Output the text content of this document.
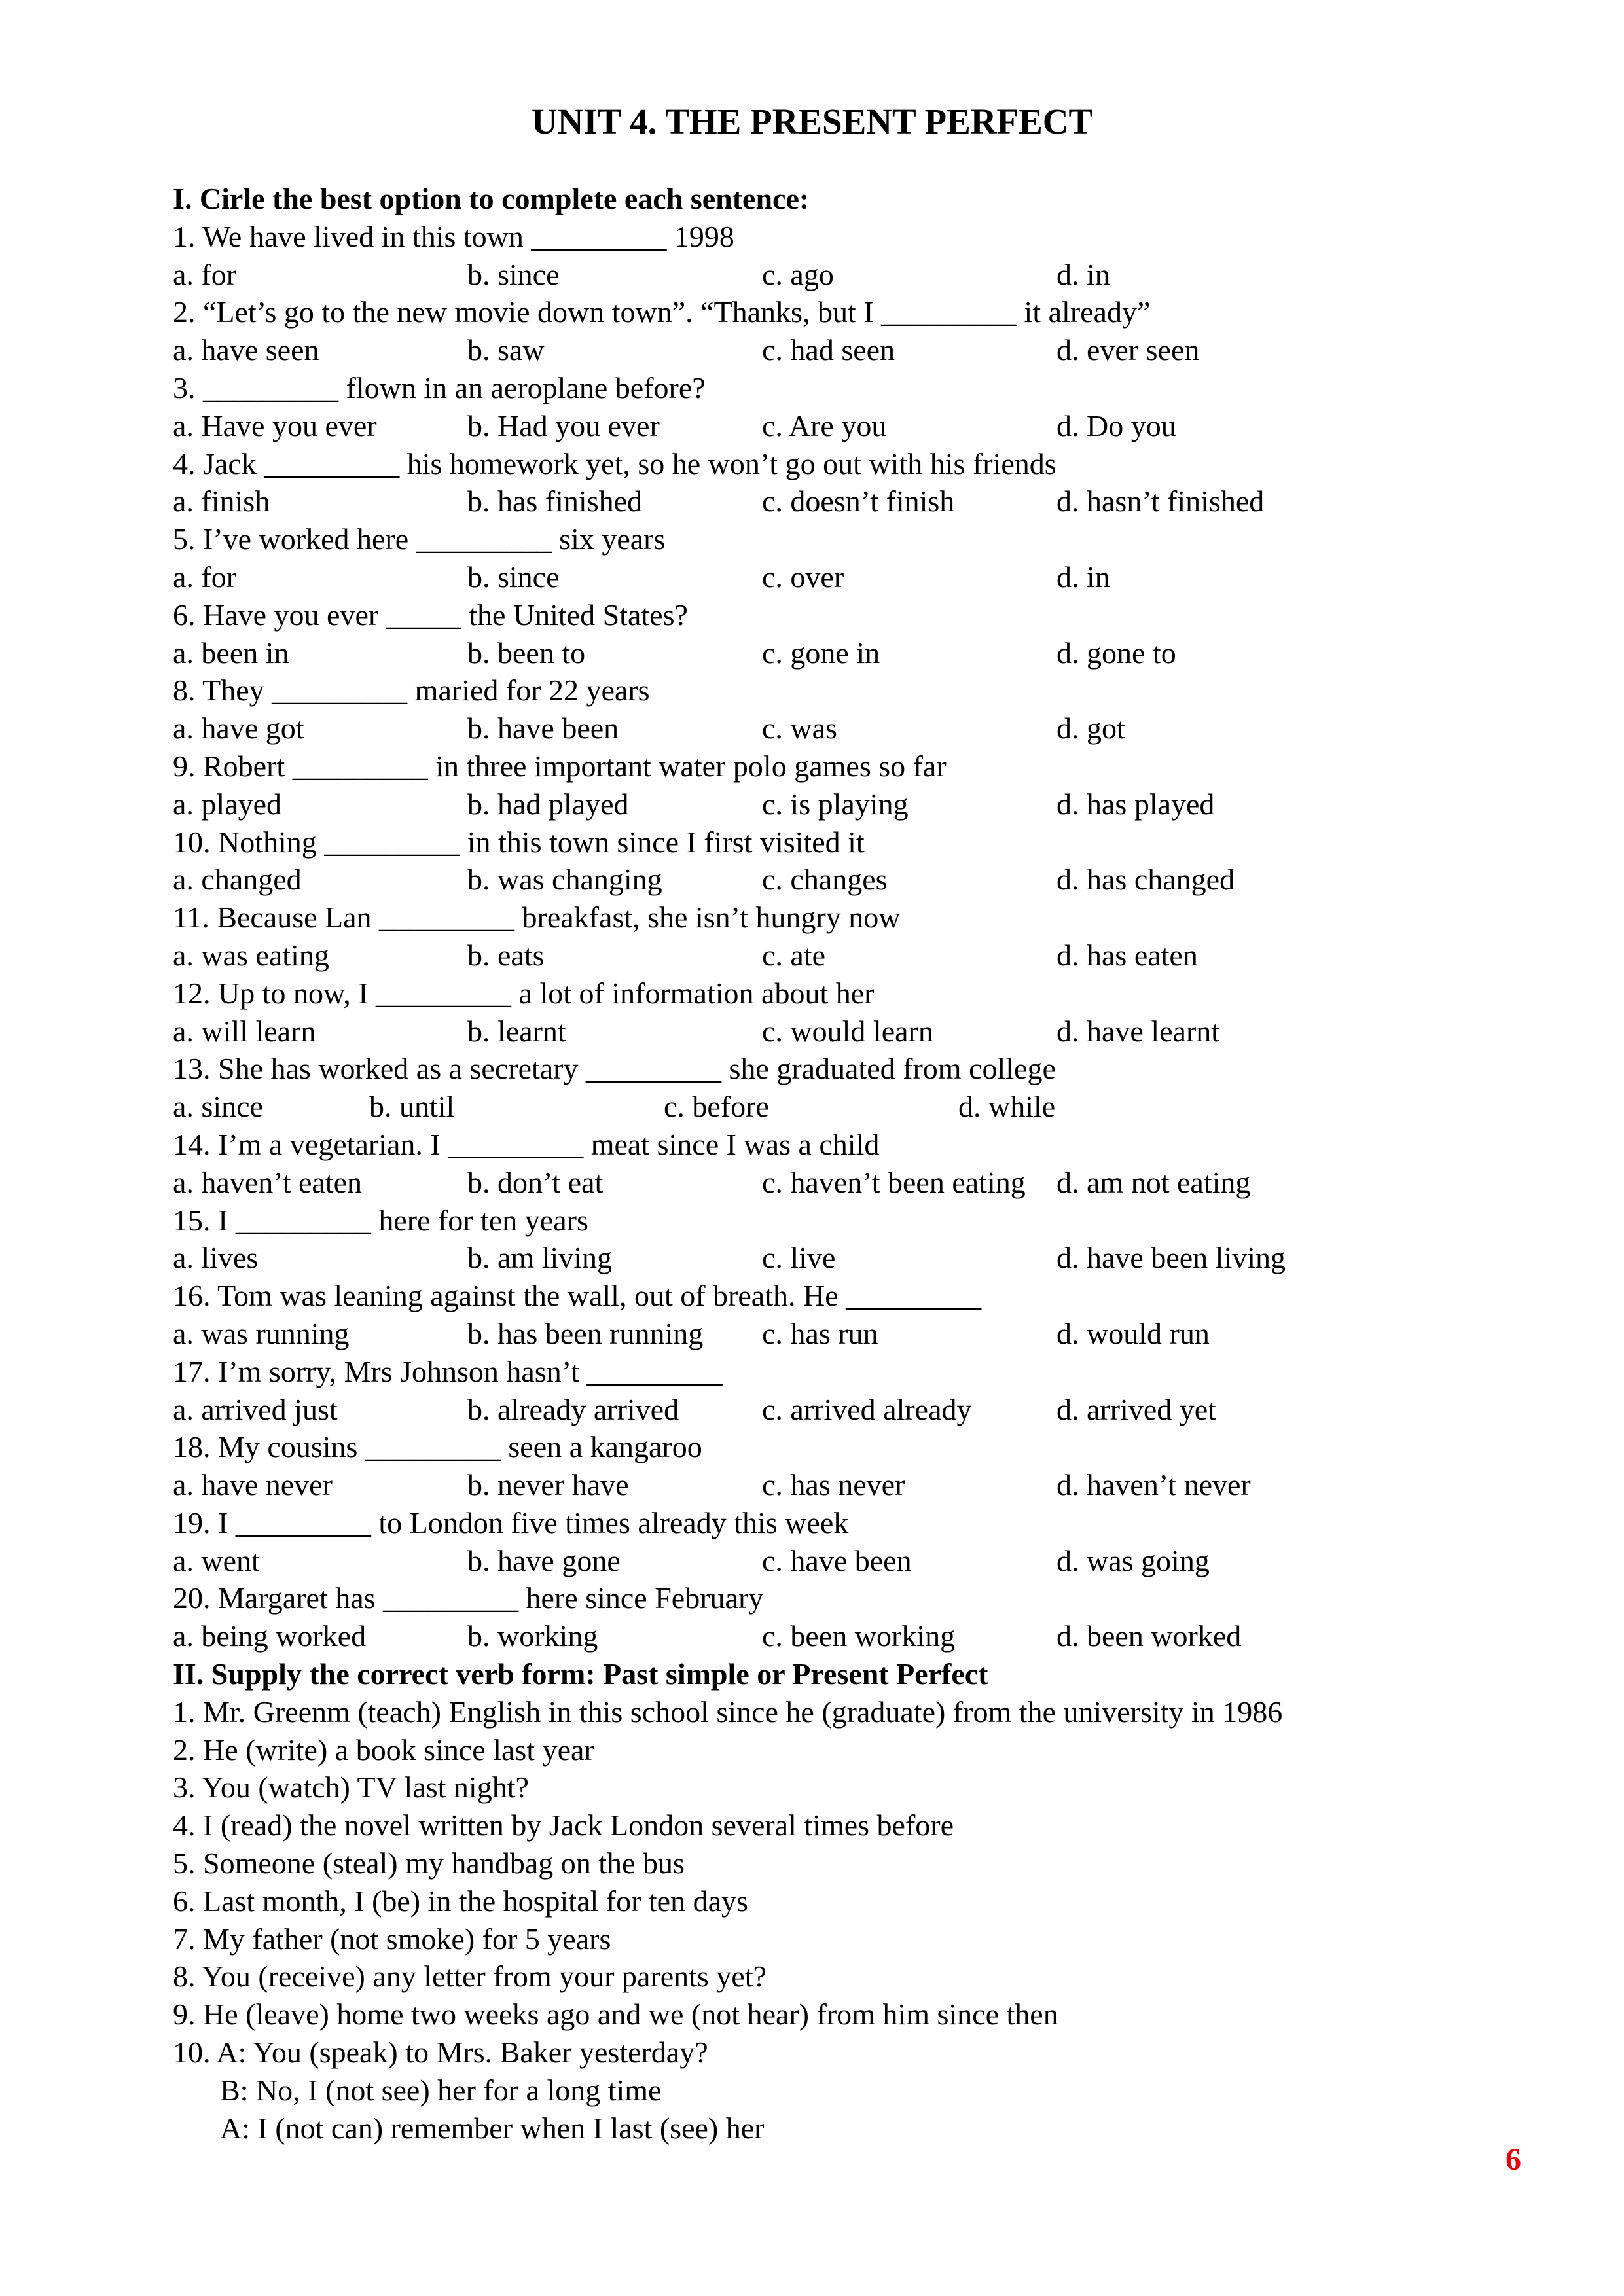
UNIT 4. THE PRESENT PERFECT
I. Cirle the best option to complete each sentence:
1. We have lived in this town _________ 1998
a. for	b. since	c. ago	d. in
2. “Let’s go to the new movie down town”. “Thanks, but I _________ it already”
a. have seen	b. saw	c. had seen	d. ever seen
3. _________ flown in an aeroplane before?
a. Have you ever	b. Had you ever	c. Are you	d. Do you
4. Jack _________ his homework yet, so he won’t go out with his friends
a. finish	b. has finished	c. doesn’t finish	d. hasn’t finished
5. I’ve worked here _________ six years
a. for	b. since	c. over	d. in
6. Have you ever _____ the United States?
a. been in	b. been to	c. gone in	d. gone to
8. They _________ maried for 22 years
a. have got	b. have been	c. was	d. got
9. Robert _________ in three important water polo games so far
a. played	b. had played	c. is playing	d. has played
10. Nothing _________ in this town since I first visited it
a. changed	b. was changing	c. changes	d. has changed
11. Because Lan _________ breakfast, she isn’t hungry now
a. was eating	b. eats	c. ate	d. has eaten
12. Up to now, I _________ a lot of information about her
a. will learn	b. learnt	c. would learn	d. have learnt
13. She has worked as a secretary _________ she graduated from college
a. since	b. until	c. before	d. while
14. I’m a vegetarian. I _________ meat since I was a child
a. haven’t eaten	b. don’t eat	c. haven’t been eating d. am not eating
15. I _________ here for ten years
a. lives	b. am living	c. live	d. have been living
16. Tom was leaning against the wall, out of breath. He _________
a. was running	b. has been running c. has run	d. would run
17. I’m sorry, Mrs Johnson hasn’t _________
a. arrived just	b. already arrived	c. arrived already	d. arrived yet
18. My cousins _________ seen a kangaroo
a. have never	b. never have	c. has never	d. haven’t never
19. I _________ to London five times already this week
a. went	b. have gone	c. have been	d. was going
20. Margaret has _________ here since February
a. being worked	b. working	c. been working	d. been worked
II. Supply the correct verb form: Past simple or Present Perfect
1. Mr. Greenm (teach) English in this school since he (graduate) from the university in 1986
2. He (write) a book since last year
3. You (watch) TV last night?
4. I (read) the novel written by Jack London several times before
5. Someone (steal) my handbag on the bus
6. Last month, I (be) in the hospital for ten days
7. My father (not smoke) for 5 years
8. You (receive) any letter from your parents yet?
9. He (leave) home two weeks ago and we (not hear) from him since then
10. A: You (speak) to Mrs. Baker yesterday?
B: No, I (not see) her for a long time
A: I (not can) remember when I last (see) her
6
